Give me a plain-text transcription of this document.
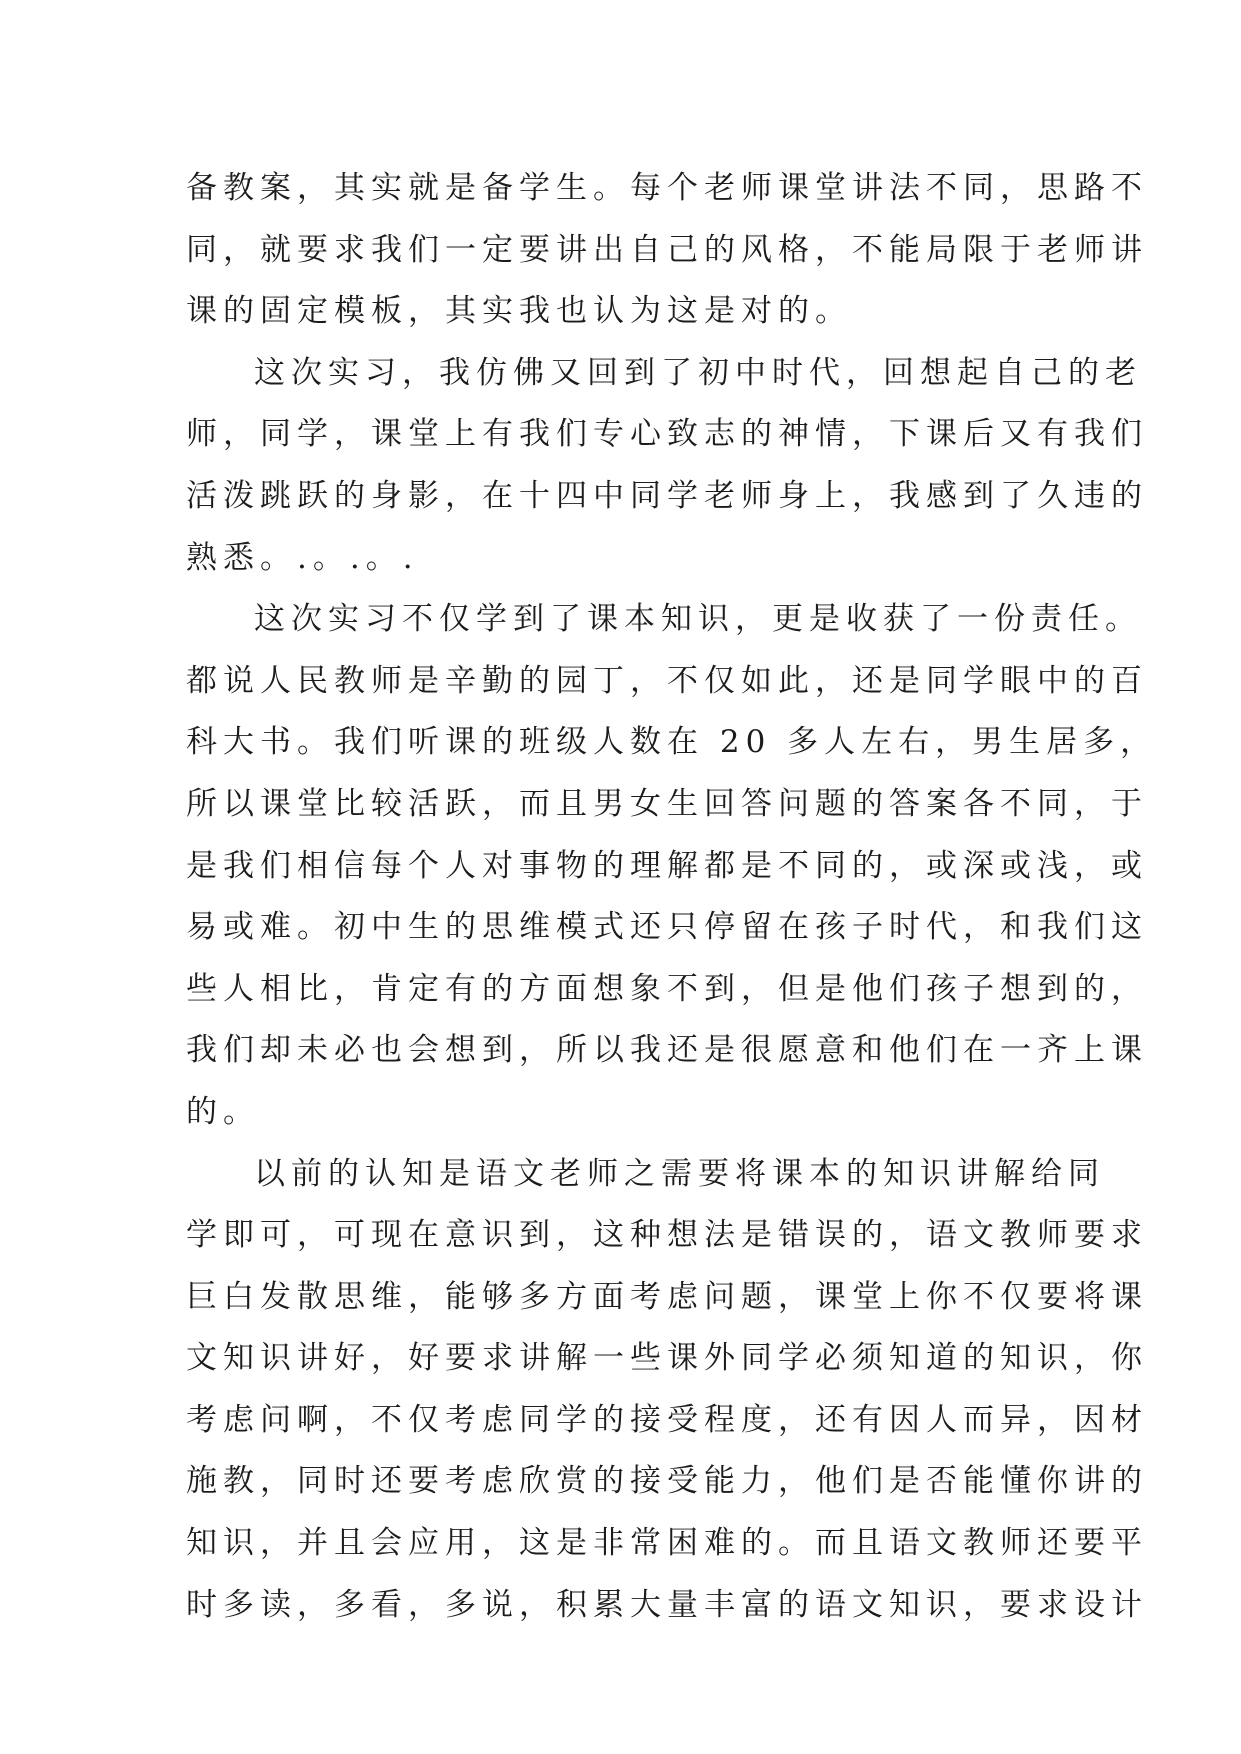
备教案，其实就是备学生。每个老师课堂讲法不同，思路不
同，就要求我们一定要讲出自己的风格，不能局限于老师讲
课的固定模板，其实我也认为这是对的。
这次实习，我仿佛又回到了初中时代，回想起自己的老
师，同学，课堂上有我们专心致志的神情，下课后又有我们
活泼跳跃的身影，在十四中同学老师身上，我感到了久违的
熟悉。.。.。.
这次实习不仅学到了课本知识，更是收获了一份责任。
都说人民教师是辛勤的园丁，不仅如此，还是同学眼中的百
科大书。我们听课的班级人数在 20 多人左右，男生居多，
所以课堂比较活跃，而且男女生回答问题的答案各不同，于
是我们相信每个人对事物的理解都是不同的，或深或浅，或
易或难。初中生的思维模式还只停留在孩子时代，和我们这
些人相比，肯定有的方面想象不到，但是他们孩子想到的，
我们却未必也会想到，所以我还是很愿意和他们在一齐上课
的。
以前的认知是语文老师之需要将课本的知识讲解给同
学即可，可现在意识到，这种想法是错误的，语文教师要求
巨白发散思维，能够多方面考虑问题，课堂上你不仅要将课
文知识讲好，好要求讲解一些课外同学必须知道的知识，你
考虑问啊，不仅考虑同学的接受程度，还有因人而异，因材
施教，同时还要考虑欣赏的接受能力，他们是否能懂你讲的
知识，并且会应用，这是非常困难的。而且语文教师还要平
时多读，多看，多说，积累大量丰富的语文知识，要求设计
